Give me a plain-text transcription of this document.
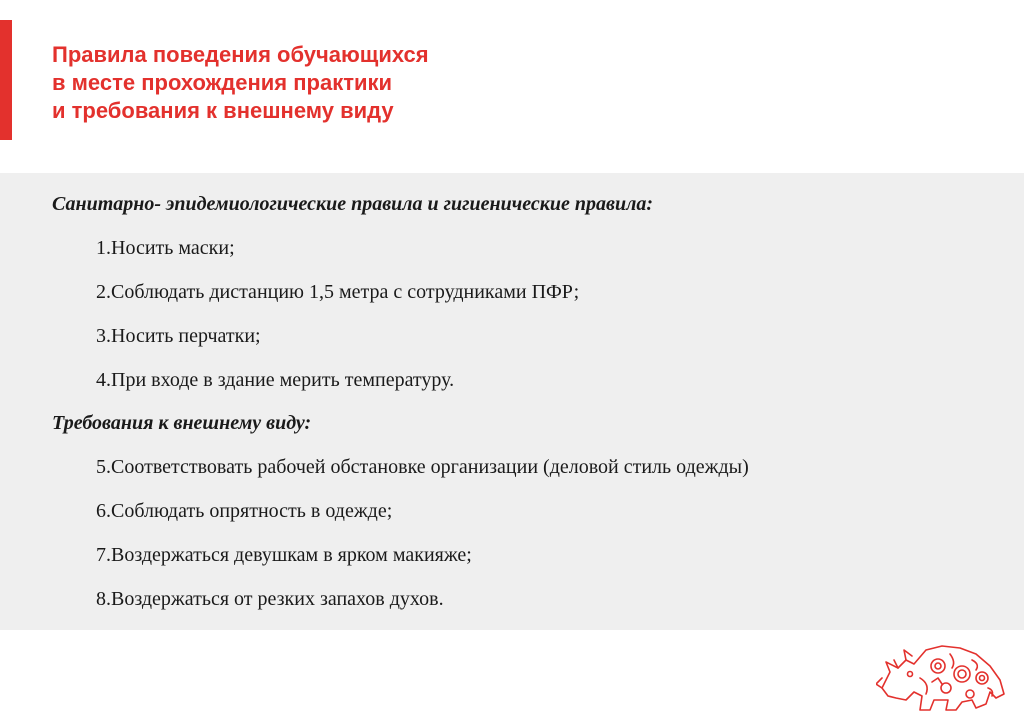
Правила поведения обучающихся
в месте прохождения практики
и требования к внешнему виду
Санитарно- эпидемиологические правила и гигиенические правила:
1.Носить маски;
2.Соблюдать дистанцию 1,5 метра с сотрудниками ПФР;
3.Носить перчатки;
4.При входе в здание мерить температуру.
Требования к внешнему виду:
5.Соответствовать рабочей обстановке организации (деловой стиль одежды)
6.Соблюдать опрятность в одежде;
7.Воздержаться девушкам в ярком макияже;
8.Воздержаться от резких запахов духов.
